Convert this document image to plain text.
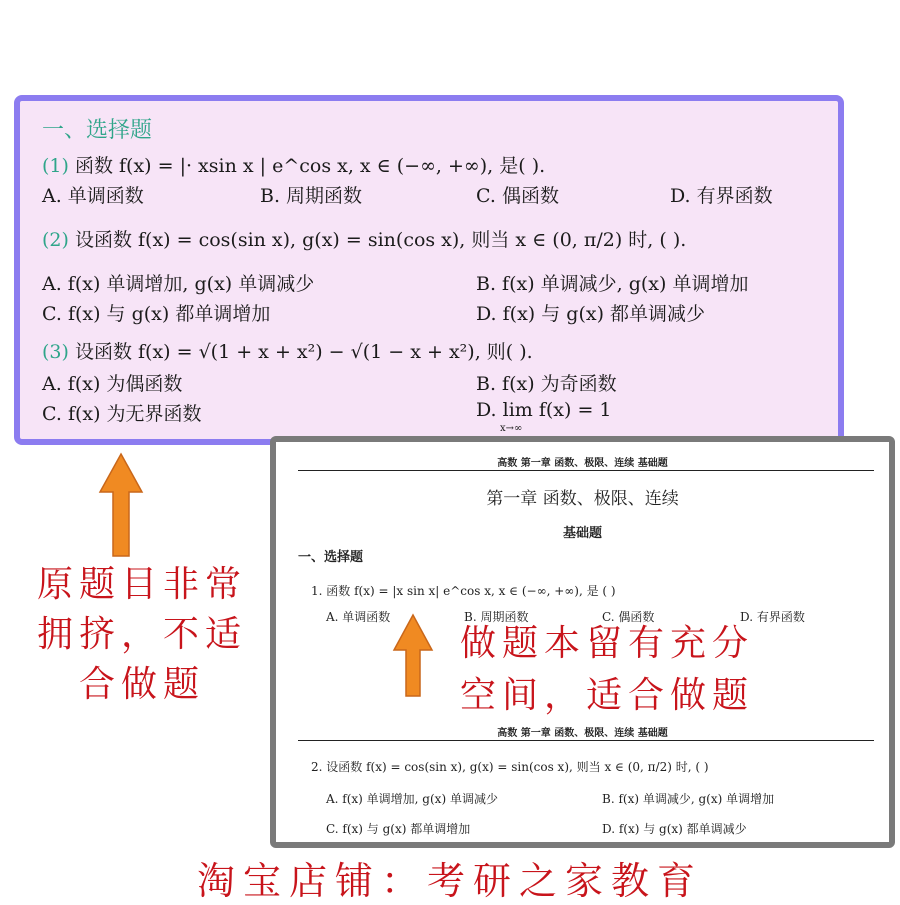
一、选择题
(1) 函数 f(x) = |· xsin x | e^cos x, x ∈ (−∞, +∞), 是( ).
A. 单调函数	B. 周期函数	C. 偶函数	D. 有界函数
(2) 设函数 f(x) = cos(sin x), g(x) = sin(cos x), 则当 x ∈ (0, π/2) 时, ( ).
A. f(x) 单调增加, g(x) 单调减少	B. f(x) 单调减少, g(x) 单调增加
C. f(x) 与 g(x) 都单调增加	D. f(x) 与 g(x) 都单调减少
(3) 设函数 f(x) = √(1 + x + x²) − √(1 − x + x²), 则( ).
A. f(x) 为偶函数	B. f(x) 为奇函数
C. f(x) 为无界函数	D. lim f(x) = 1
x→∞
高数 第一章 函数、极限、连续 基础题
第一章 函数、极限、连续
基础题
一、选择题
1. 函数 f(x) = |x sin x| e^cos x, x ∈ (−∞, +∞), 是 ( )
A. 单调函数	B. 周期函数	C. 偶函数	D. 有界函数
高数 第一章 函数、极限、连续 基础题
2. 设函数 f(x) = cos(sin x), g(x) = sin(cos x), 则当 x ∈ (0, π/2) 时, ( )
A. f(x) 单调增加, g(x) 单调减少	B. f(x) 单调减少, g(x) 单调增加
C. f(x) 与 g(x) 都单调增加	D. f(x) 与 g(x) 都单调减少
原题目非常
拥挤，不适
合做题
做题本留有充分
空间，适合做题
淘宝店铺：考研之家教育
